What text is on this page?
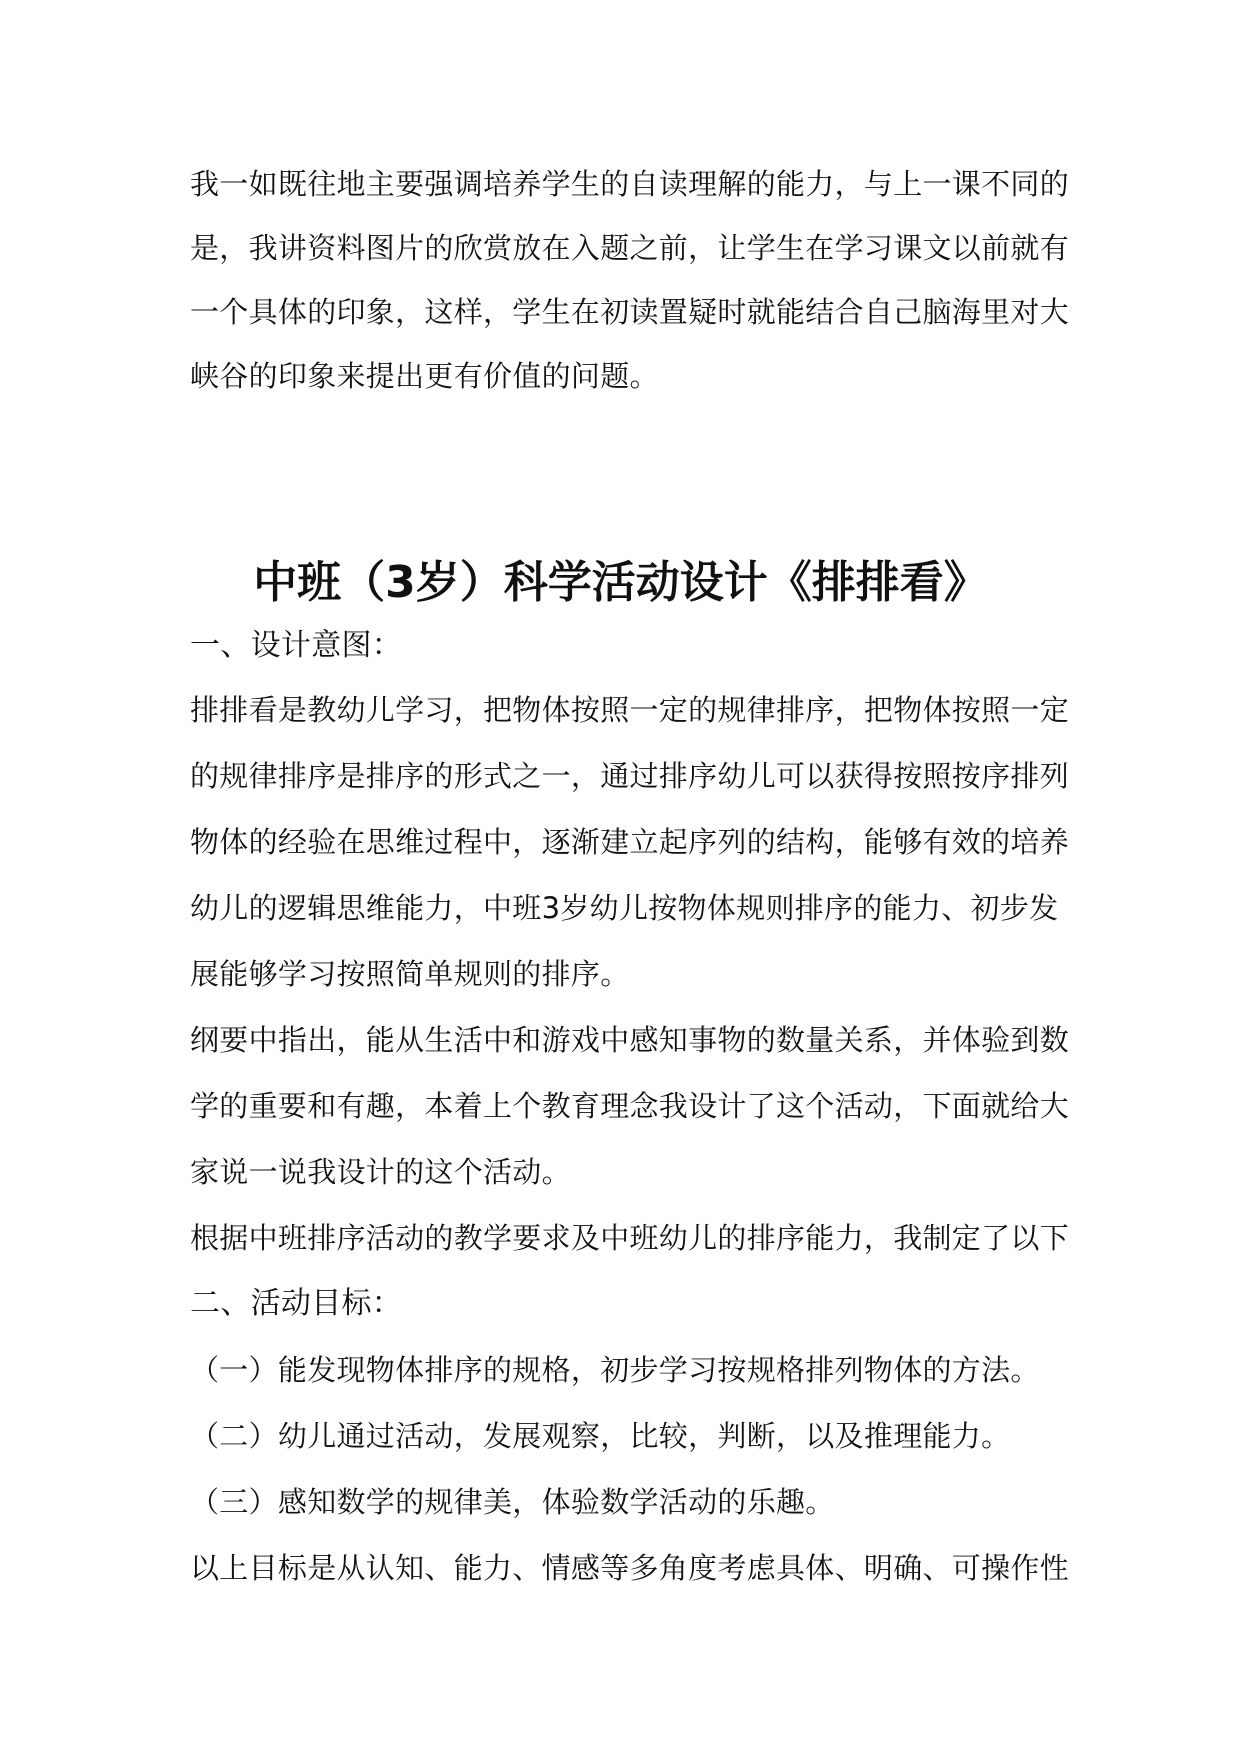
我一如既往地主要强调培养学生的自读理解的能力，与上一课不同的
是，我讲资料图片的欣赏放在入题之前，让学生在学习课文以前就有
一个具体的印象，这样，学生在初读置疑时就能结合自己脑海里对大
峡谷的印象来提出更有价值的问题。
中班（3岁）科学活动设计《排排看》
一、设计意图：
排排看是教幼儿学习，把物体按照一定的规律排序，把物体按照一定
的规律排序是排序的形式之一，通过排序幼儿可以获得按照按序排列
物体的经验在思维过程中，逐渐建立起序列的结构，能够有效的培养
幼儿的逻辑思维能力，中班3岁幼儿按物体规则排序的能力、初步发
展能够学习按照简单规则的排序。
纲要中指出，能从生活中和游戏中感知事物的数量关系，并体验到数
学的重要和有趣，本着上个教育理念我设计了这个活动，下面就给大
家说一说我设计的这个活动。
根据中班排序活动的教学要求及中班幼儿的排序能力，我制定了以下
二、活动目标：
（一）能发现物体排序的规格，初步学习按规格排列物体的方法。
（二）幼儿通过活动，发展观察，比较，判断，以及推理能力。
（三）感知数学的规律美，体验数学活动的乐趣。
以上目标是从认知、能力、情感等多角度考虑具体、明确、可操作性
